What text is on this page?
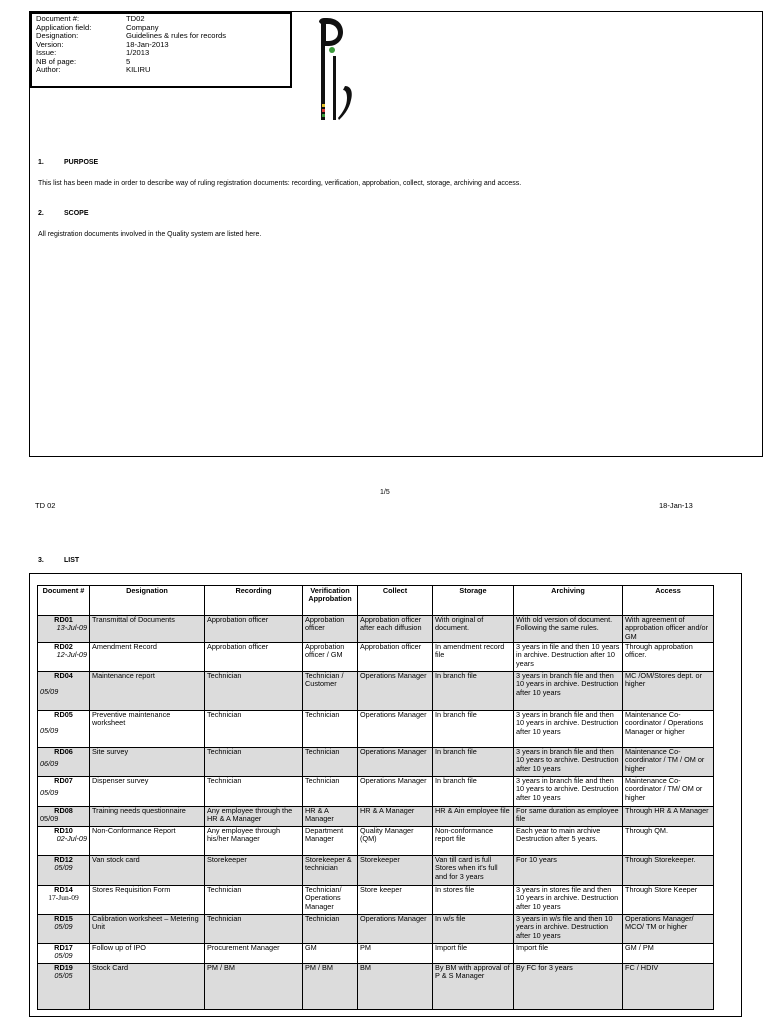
Document #:	TD02
Application field:	Company
Designation:	Guidelines & rules for records
Version:	18-Jan-2013
Issue:	1/2013
NB of page:	5
Author:	KILIRU
1.	PURPOSE
This list has been made in order to describe way of ruling registration documents: recording, verification, approbation, collect, storage, archiving and access.
2.	SCOPE
All registration documents involved in the Quality system are listed here.
1/5
TD 02	18-Jan-13
3.	LIST
Document #	Designation	Recording	Verification Approbation	Collect	Storage	Archiving	Access

RD01
13-Jul-09	Transmittal of Documents	Approbation officer	Approbation officer	Approbation officer after each diffusion	With original of document.	With old version of document. Following the same rules.	With agreement of approbation officer and/or GM

RD02
12-Jul-09	Amendment Record	Approbation officer	Approbation officer / GM	Approbation officer	In amendment record file	3 years in file and then 10 years in archive. Destruction after 10 years	Through approbation officer.

RD04
05/09	Maintenance report	Technician	Technician / Customer	Operations Manager	In branch file	3 years in branch file and then 10 years in archive. Destruction after 10 years	MC /OM/Stores dept. or higher

RD05
05/09	Preventive maintenance worksheet	Technician	Technician	Operations Manager	In branch file	3 years in branch file and then 10 years in archive. Destruction after 10 years	Maintenance Co-coordinator / Operations Manager or higher

RD06
06/09	Site survey	Technician	Technician	Operations Manager	In branch file	3 years in branch file and then 10 years to archive. Destruction after 10 years	Maintenance Co-coordinator / TM / OM or higher

RD07
05/09	Dispenser survey	Technician	Technician	Operations Manager	In branch file	3 years in branch file and then 10 years to archive. Destruction after 10 years	Maintenance Co-coordinator / TM/ OM or higher

RD08
05/09	Training needs questionnaire	Any employee through the HR & A Manager	HR & A Manager	HR & A Manager	HR & Ain employee file	For same duration as employee file	Through HR & A Manager

RD10
02-Jul-09	Non-Conformance Report	Any employee through his/her Manager	Department Manager	Quality Manager (QM)	Non-conformance report file	Each year to main archive Destruction after 5 years.	Through QM.

RD12
05/09	Van stock card	Storekeeper	Storekeeper & technician	Storekeeper	Van till card is full Stores when it's full and for 3 years	For 10 years	Through Storekeeper.

RD14
17-Jun-09	Stores Requisition Form	Technician	Technician/ Operations Manager	Store keeper	In stores file	3 years in stores file and then 10 years in archive. Destruction after 10 years	Through Store Keeper

RD15
05/09	Calibration worksheet – Metering Unit	Technician	Technician	Operations Manager	In w/s file	3 years in w/s file and then 10 years in archive. Destruction after 10 years	Operations Manager/ MCO/ TM or higher

RD17
05/09	Follow up of IPO	Procurement Manager	GM	PM	Import file	Import file	GM / PM

RD19
05/05	Stock Card	PM / BM	PM / BM	BM	By BM with approval of P & S Manager	By FC for 3 years	FC / HDIV
